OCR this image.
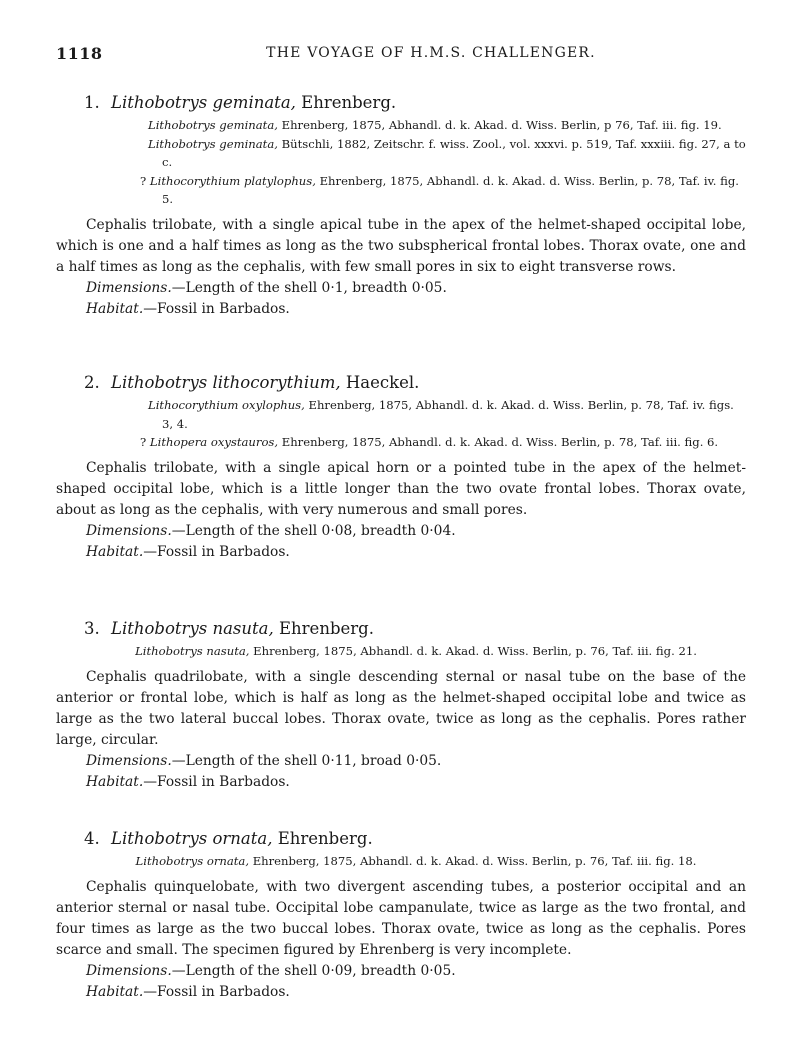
1118	THE VOYAGE OF H.M.S. CHALLENGER.

1. Lithobotrys geminata, Ehrenberg.

Lithobotrys geminata, Ehrenberg, 1875, Abhandl. d. k. Akad. d. Wiss. Berlin, p 76, Taf. iii. fig. 19.

Lithobotrys geminata, Bütschli, 1882, Zeitschr. f. wiss. Zool., vol. xxxvi. p. 519, Taf. xxxiii. fig. 27, a to c.

? Lithocorythium platylophus, Ehrenberg, 1875, Abhandl. d. k. Akad. d. Wiss. Berlin, p. 78, Taf. iv. fig. 5.

Cephalis trilobate, with a single apical tube in the apex of the helmet-shaped occipital lobe, which is one and a half times as long as the two subspherical frontal lobes. Thorax ovate, one and a half times as long as the cephalis, with few small pores in six to eight transverse rows.

Dimensions.—Length of the shell 0·1, breadth 0·05.

Habitat.—Fossil in Barbados.

2. Lithobotrys lithocorythium, Haeckel.

Lithocorythium oxylophus, Ehrenberg, 1875, Abhandl. d. k. Akad. d. Wiss. Berlin, p. 78, Taf. iv. figs. 3, 4.

? Lithopera oxystauros, Ehrenberg, 1875, Abhandl. d. k. Akad. d. Wiss. Berlin, p. 78, Taf. iii. fig. 6.

Cephalis trilobate, with a single apical horn or a pointed tube in the apex of the helmet-shaped occipital lobe, which is a little longer than the two ovate frontal lobes. Thorax ovate, about as long as the cephalis, with very numerous and small pores.

Dimensions.—Length of the shell 0·08, breadth 0·04.

Habitat.—Fossil in Barbados.

3. Lithobotrys nasuta, Ehrenberg.

Lithobotrys nasuta, Ehrenberg, 1875, Abhandl. d. k. Akad. d. Wiss. Berlin, p. 76, Taf. iii. fig. 21.

Cephalis quadrilobate, with a single descending sternal or nasal tube on the base of the anterior or frontal lobe, which is half as long as the helmet-shaped occipital lobe and twice as large as the two lateral buccal lobes. Thorax ovate, twice as long as the cephalis. Pores rather large, circular.

Dimensions.—Length of the shell 0·11, broad 0·05.

Habitat.—Fossil in Barbados.

4. Lithobotrys ornata, Ehrenberg.

Lithobotrys ornata, Ehrenberg, 1875, Abhandl. d. k. Akad. d. Wiss. Berlin, p. 76, Taf. iii. fig. 18.

Cephalis quinquelobate, with two divergent ascending tubes, a posterior occipital and an anterior sternal or nasal tube. Occipital lobe campanulate, twice as large as the two frontal, and four times as large as the two buccal lobes. Thorax ovate, twice as long as the cephalis. Pores scarce and small. The specimen figured by Ehrenberg is very incomplete.

Dimensions.—Length of the shell 0·09, breadth 0·05.

Habitat.—Fossil in Barbados.
